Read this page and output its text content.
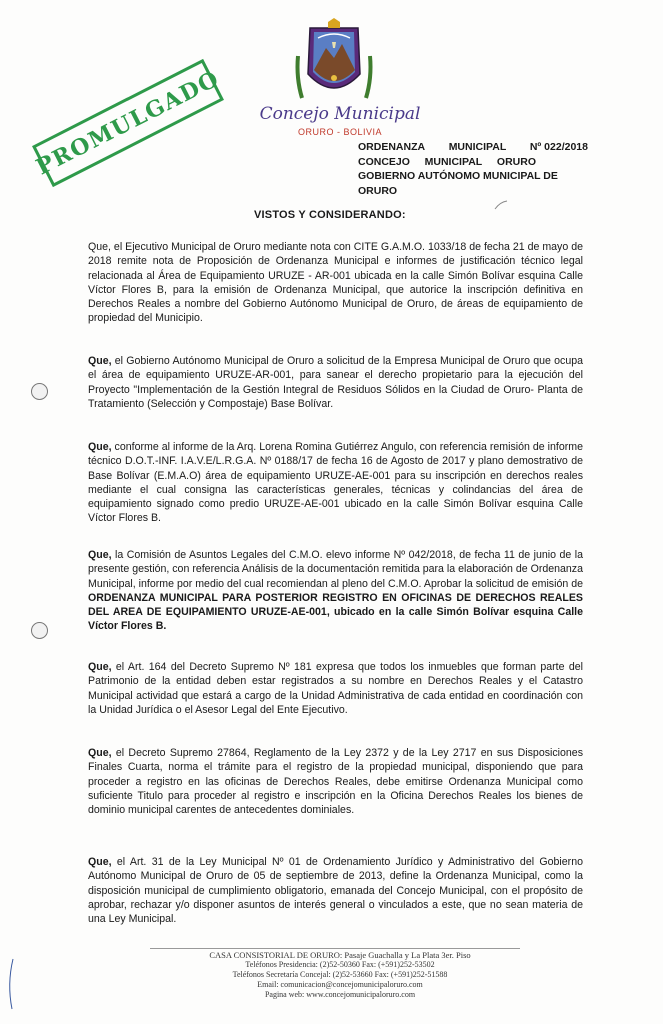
Concejo Municipal
ORURO - BOLIVIA
PROMULGADO	ORDENANZA MUNICIPAL Nº 022/2018
CONCEJO MUNICIPAL ORURO
GOBIERNO AUTÓNOMO MUNICIPAL DE
ORURO
VISTOS Y CONSIDERANDO:

Que, el Ejecutivo Municipal de Oruro mediante nota con CITE G.A.M.O. 1033/18 de fecha 21 de mayo de 2018 remite nota de Proposición de Ordenanza Municipal e informes de justificación técnico legal relacionada al Área de Equipamiento URUZE - AR-001 ubicada en la calle Simón Bolívar esquina Calle Víctor Flores B, para la emisión de Ordenanza Municipal, que autorice la inscripción definitiva en Derechos Reales a nombre del Gobierno Autónomo Municipal de Oruro, de áreas de equipamiento de propiedad del Municipio.

Que, el Gobierno Autónomo Municipal de Oruro a solicitud de la Empresa Municipal de Oruro que ocupa el área de equipamiento URUZE-AR-001, para sanear el derecho propietario para la ejecución del Proyecto "Implementación de la Gestión Integral de Residuos Sólidos en la Ciudad de Oruro- Planta de Tratamiento (Selección y Compostaje) Base Bolívar.

Que, conforme al informe de la Arq. Lorena Romina Gutiérrez Angulo, con referencia remisión de informe técnico D.O.T.-INF. I.A.V.E/L.R.G.A. Nº 0188/17 de fecha 16 de Agosto de 2017 y plano demostrativo de Base Bolívar (E.M.A.O) área de equipamiento URUZE-AE-001 para su inscripción en derechos reales mediante el cual consigna las características generales, técnicas y colindancias del área de equipamiento signado como predio URUZE-AE-001 ubicado en la calle Simón Bolívar esquina Calle Víctor Flores B.

Que, la Comisión de Asuntos Legales del C.M.O. elevo informe Nº 042/2018, de fecha 11 de junio de la presente gestión, con referencia Análisis de la documentación remitida para la elaboración de Ordenanza Municipal, informe por medio del cual recomiendan al pleno del C.M.O. Aprobar la solicitud de emisión de ORDENANZA MUNICIPAL PARA POSTERIOR REGISTRO EN OFICINAS DE DERECHOS REALES DEL AREA DE EQUIPAMIENTO URUZE-AE-001, ubicado en la calle Simón Bolívar esquina Calle Víctor Flores B.

Que, el Art. 164 del Decreto Supremo Nº 181 expresa que todos los inmuebles que forman parte del Patrimonio de la entidad deben estar registrados a su nombre en Derechos Reales y el Catastro Municipal actividad que estará a cargo de la Unidad Administrativa de cada entidad en coordinación con la Unidad Jurídica o el Asesor Legal del Ente Ejecutivo.

Que, el Decreto Supremo 27864, Reglamento de la Ley 2372 y de la Ley 2717 en sus Disposiciones Finales Cuarta, norma el trámite para el registro de la propiedad municipal, disponiendo que para proceder a registro en las oficinas de Derechos Reales, debe emitirse Ordenanza Municipal como suficiente Titulo para proceder al registro e inscripción en la Oficina Derechos Reales los bienes de dominio municipal carentes de antecedentes dominiales.

Que, el Art. 31 de la Ley Municipal Nº 01 de Ordenamiento Jurídico y Administrativo del Gobierno Autónomo Municipal de Oruro de 05 de septiembre de 2013, define la Ordenanza Municipal, como la disposición municipal de cumplimiento obligatorio, emanada del Concejo Municipal, con el propósito de aprobar, rechazar y/o disponer asuntos de interés general o vinculados a este, que no sean materia de una Ley Municipal.

CASA CONSISTORIAL DE ORURO: Pasaje Guachalla y La Plata 3er. Piso
Teléfonos Presidencia: (2)52-50360 Fax: (+591)252-53502
Teléfonos Secretaría Concejal: (2)52-53660 Fax: (+591)252-51588
Email: comunicacion@concejomunicipaloruro.com
Pagina web: www.concejomunicipaloruro.com
